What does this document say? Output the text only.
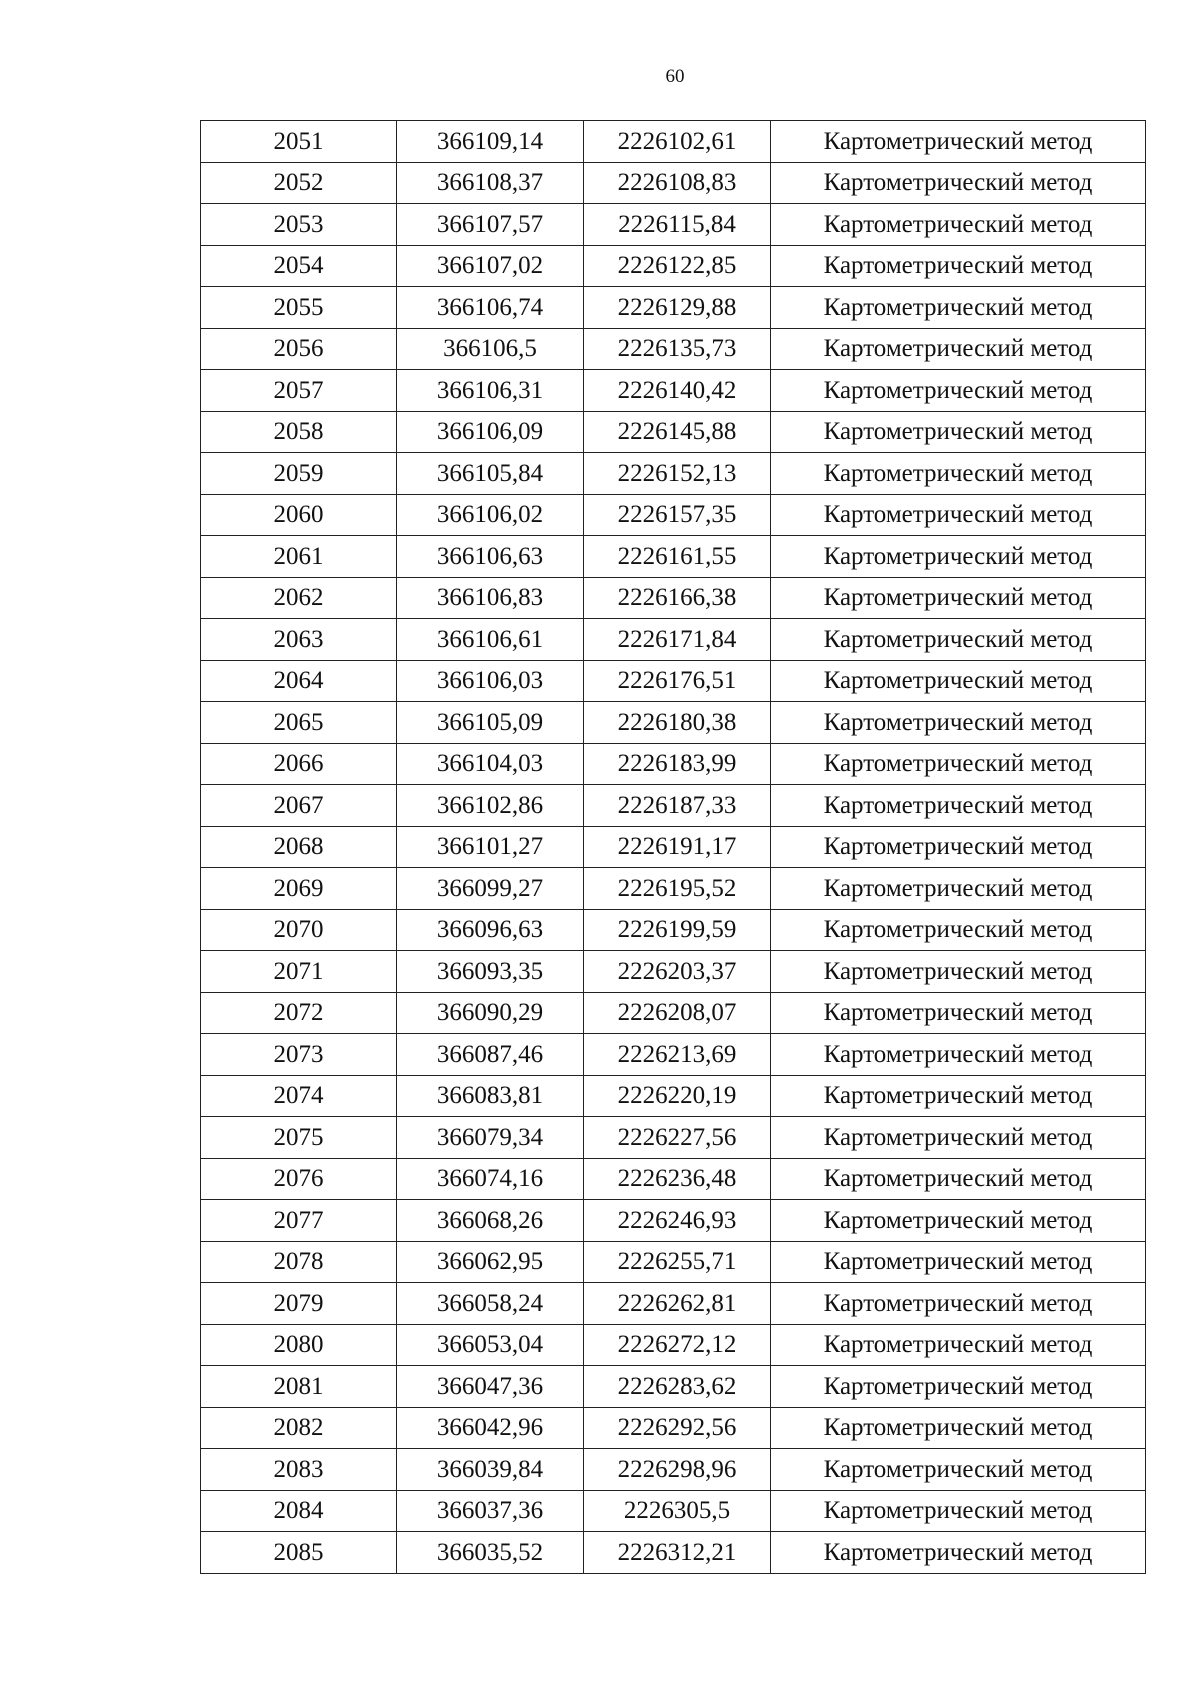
60
2051	366109,14	2226102,61	Картометрический метод
2052	366108,37	2226108,83	Картометрический метод
2053	366107,57	2226115,84	Картометрический метод
2054	366107,02	2226122,85	Картометрический метод
2055	366106,74	2226129,88	Картометрический метод
2056	366106,5	2226135,73	Картометрический метод
2057	366106,31	2226140,42	Картометрический метод
2058	366106,09	2226145,88	Картометрический метод
2059	366105,84	2226152,13	Картометрический метод
2060	366106,02	2226157,35	Картометрический метод
2061	366106,63	2226161,55	Картометрический метод
2062	366106,83	2226166,38	Картометрический метод
2063	366106,61	2226171,84	Картометрический метод
2064	366106,03	2226176,51	Картометрический метод
2065	366105,09	2226180,38	Картометрический метод
2066	366104,03	2226183,99	Картометрический метод
2067	366102,86	2226187,33	Картометрический метод
2068	366101,27	2226191,17	Картометрический метод
2069	366099,27	2226195,52	Картометрический метод
2070	366096,63	2226199,59	Картометрический метод
2071	366093,35	2226203,37	Картометрический метод
2072	366090,29	2226208,07	Картометрический метод
2073	366087,46	2226213,69	Картометрический метод
2074	366083,81	2226220,19	Картометрический метод
2075	366079,34	2226227,56	Картометрический метод
2076	366074,16	2226236,48	Картометрический метод
2077	366068,26	2226246,93	Картометрический метод
2078	366062,95	2226255,71	Картометрический метод
2079	366058,24	2226262,81	Картометрический метод
2080	366053,04	2226272,12	Картометрический метод
2081	366047,36	2226283,62	Картометрический метод
2082	366042,96	2226292,56	Картометрический метод
2083	366039,84	2226298,96	Картометрический метод
2084	366037,36	2226305,5	Картометрический метод
2085	366035,52	2226312,21	Картометрический метод
